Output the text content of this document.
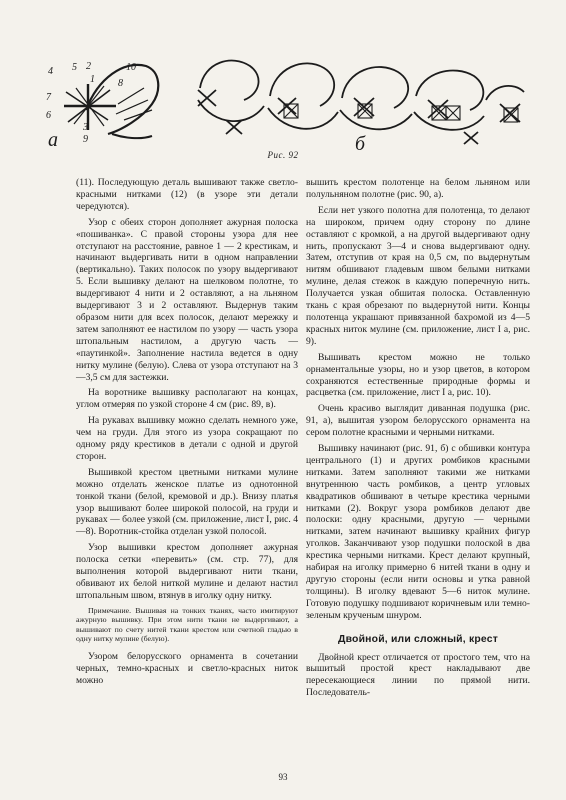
4 5 2	10
7
6
8
1
3
9
а	б
Рис. 92

(11). Последующую деталь вышивают также светло-красными нитками (12) (в узоре эти детали чередуются).

Узор с обеих сторон дополняет ажурная полоска «пошиванка». С правой стороны узора для нее отступают на расстояние, равное 1 — 2 крестикам, и начинают выдергивать нити в одном направлении (вертикально). Таких полосок по узору выдергивают 5. Если вышивку делают на шелковом полотне, то выдергивают 4 нити и 2 оставляют, а на льняном выдергивают 3 и 2 оставляют. Выдернув таким образом нити для всех полосок, делают мережку и затем заполняют ее настилом по узору — часть узора штопальным настилом, а другую часть — «паутинкой». Заполнение настила ведется в одну нитку мулине (белую). Слева от узора отступают на 3—3,5 см для застежки.

На воротнике вышивку располагают на концах, углом отмеряя по узкой стороне 4 см (рис. 89, в).

На рукавах вышивку можно сделать немного уже, чем на груди. Для этого из узора сокращают по одному ряду крестиков в детали с одной и другой сторон.

Вышивкой крестом цветными нитками мулине можно отделать женское платье из однотонной тонкой ткани (белой, кремовой и др.). Внизу платья узор вышивают более широкой полосой, на груди и рукавах — более узкой (см. приложение, лист I, рис. 4—8). Воротник-стойка отделан узкой полосой.

Узор вышивки крестом дополняет ажурная полоска сетки «перевить» (см. стр. 77), для выполнения которой выдергивают нити ткани, обвивают их белой ниткой мулине и делают настил штопальным швом, втянув в иголку одну нитку.

Примечание. Вышивая на тонких тканях, часто имитируют ажурную вышивку. При этом нити ткани не выдергивают, а вышивают по счету нитей ткани крестом или счетной гладью в одну нитку мулине (белую).

Узором белорусского орнамента в сочетании черных, темно-красных и светло-красных ниток можно

вышить крестом полотенце на белом льняном или полульняном полотне (рис. 90, а).

Если нет узкого полотна для полотенца, то делают на широком, причем одну сторону по длине оставляют с кромкой, а на другой выдергивают одну нить, пропускают 3—4 и снова выдергивают одну. Затем, отступив от края на 0,5 см, по выдернутым нитям обшивают гладевым швом белыми нитками мулине, делая стежок в каждую поперечную нить. Получается узкая обшитая полоска. Оставленную ткань с края обрезают по выдернутой нити. Концы полотенца украшают привязанной бахромой из 4—5 красных ниток мулине (см. приложение, лист I а, рис. 9).

Вышивать крестом можно не только орнаментальные узоры, но и узор цветов, в котором сохраняются естественные природные формы и расцветка (см. приложение, лист I а, рис. 10).

Очень красиво выглядит диванная подушка (рис. 91, а), вышитая узором белорусского орнамента на сером полотне красными и черными нитками.

Вышивку начинают (рис. 91, б) с обшивки контура центрального (1) и других ромбиков красными нитками. Затем заполняют такими же нитками внутреннюю часть ромбиков, а центр угловых квадратиков обшивают в четыре крестика черными нитками (2). Вокруг узора ромбиков делают две полоски: одну красными, другую — черными нитками, затем начинают вышивку крайних фигур уголков. Заканчивают узор подушки полоской в два крестика черными нитками. Крест делают крупный, набирая на иголку примерно 6 нитей ткани в одну и другую стороны (если нити основы и утка равной толщины). В иголку вдевают 5—6 ниток мулине. Готовую подушку подшивают коричневым или темно-зеленым крученым шнуром.

Двойной, или сложный, крест

Двойной крест отличается от простого тем, что на вышитый простой крест накладывают две пересекающиеся линии по прямой нити. Последователь-

93
